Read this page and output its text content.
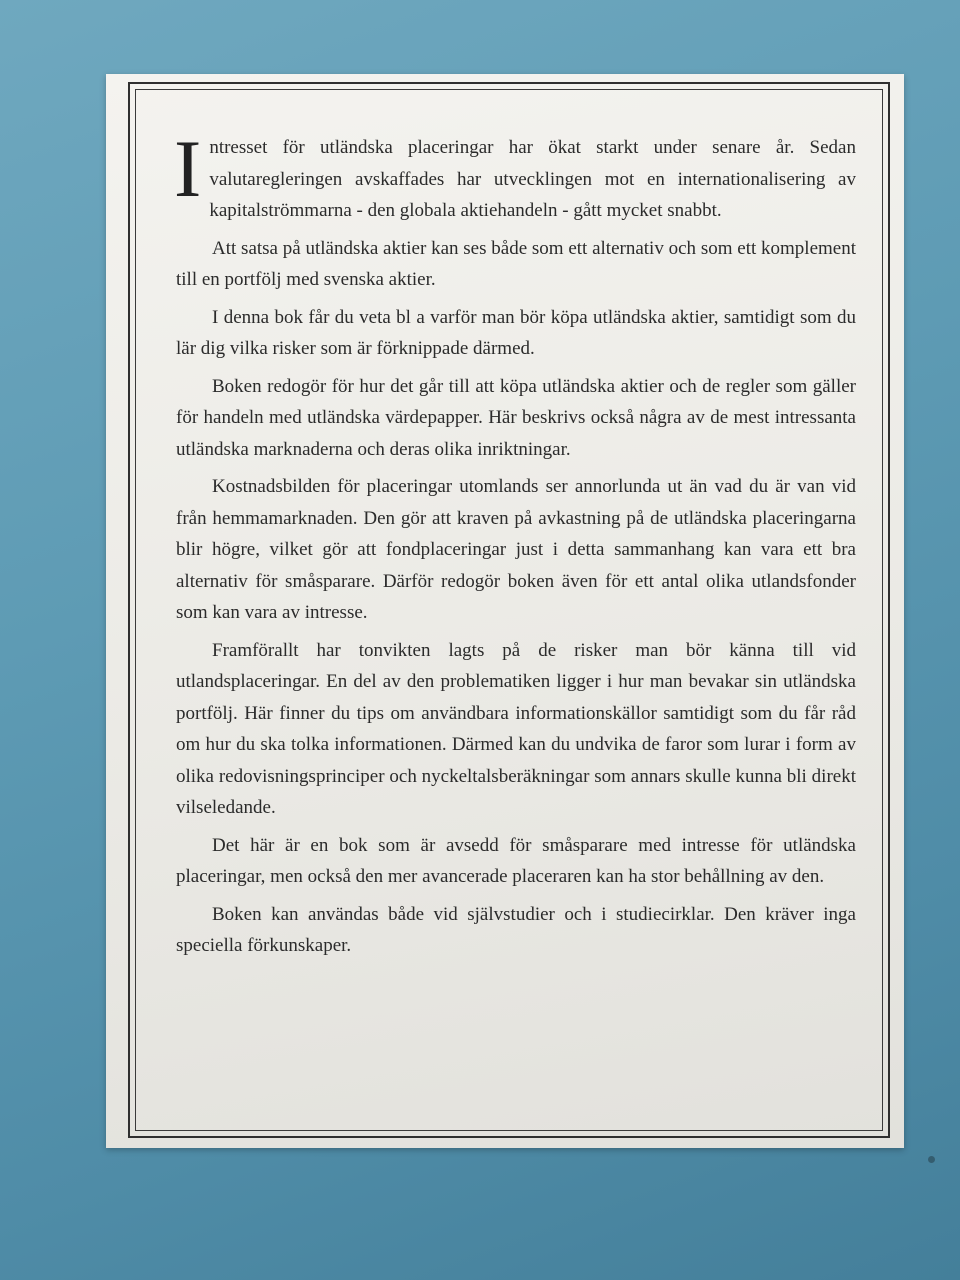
Intresset för utländska placeringar har ökat starkt under senare år. Sedan valutaregleringen avskaffades har utvecklingen mot en internationalisering av kapitalströmmarna - den globala aktiehandeln - gått mycket snabbt.

Att satsa på utländska aktier kan ses både som ett alternativ och som ett komplement till en portfölj med svenska aktier.

I denna bok får du veta bl a varför man bör köpa utländska aktier, samtidigt som du lär dig vilka risker som är förknippade därmed.

Boken redogör för hur det går till att köpa utländska aktier och de regler som gäller för handeln med utländska värdepapper. Här beskrivs också några av de mest intressanta utländska marknaderna och deras olika inriktningar.

Kostnadsbilden för placeringar utomlands ser annorlunda ut än vad du är van vid från hemmamarknaden. Den gör att kraven på avkastning på de utländska placeringarna blir högre, vilket gör att fondplaceringar just i detta sammanhang kan vara ett bra alternativ för småsparare. Därför redogör boken även för ett antal olika utlandsfonder som kan vara av intresse.

Framförallt har tonvikten lagts på de risker man bör känna till vid utlandsplaceringar. En del av den problematiken ligger i hur man bevakar sin utländska portfölj. Här finner du tips om användbara informationskällor samtidigt som du får råd om hur du ska tolka informationen. Därmed kan du undvika de faror som lurar i form av olika redovisningsprinciper och nyckeltalsberäkningar som annars skulle kunna bli direkt vilseledande.

Det här är en bok som är avsedd för småsparare med intresse för utländska placeringar, men också den mer avancerade placeraren kan ha stor behållning av den.

Boken kan användas både vid självstudier och i studiecirklar. Den kräver inga speciella förkunskaper.
